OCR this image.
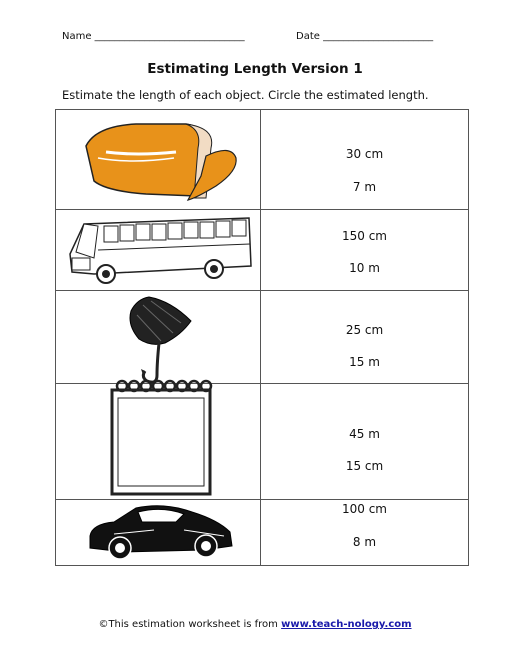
Name ______________________________	Date ______________________
Estimating Length Version 1
Estimate the length of each object. Circle the estimated length.
30 cm
7 m
150 cm
10 m
25 cm
15 m
45 m
15 cm
100 cm
8 m
©This estimation worksheet is from www.teach-nology.com
